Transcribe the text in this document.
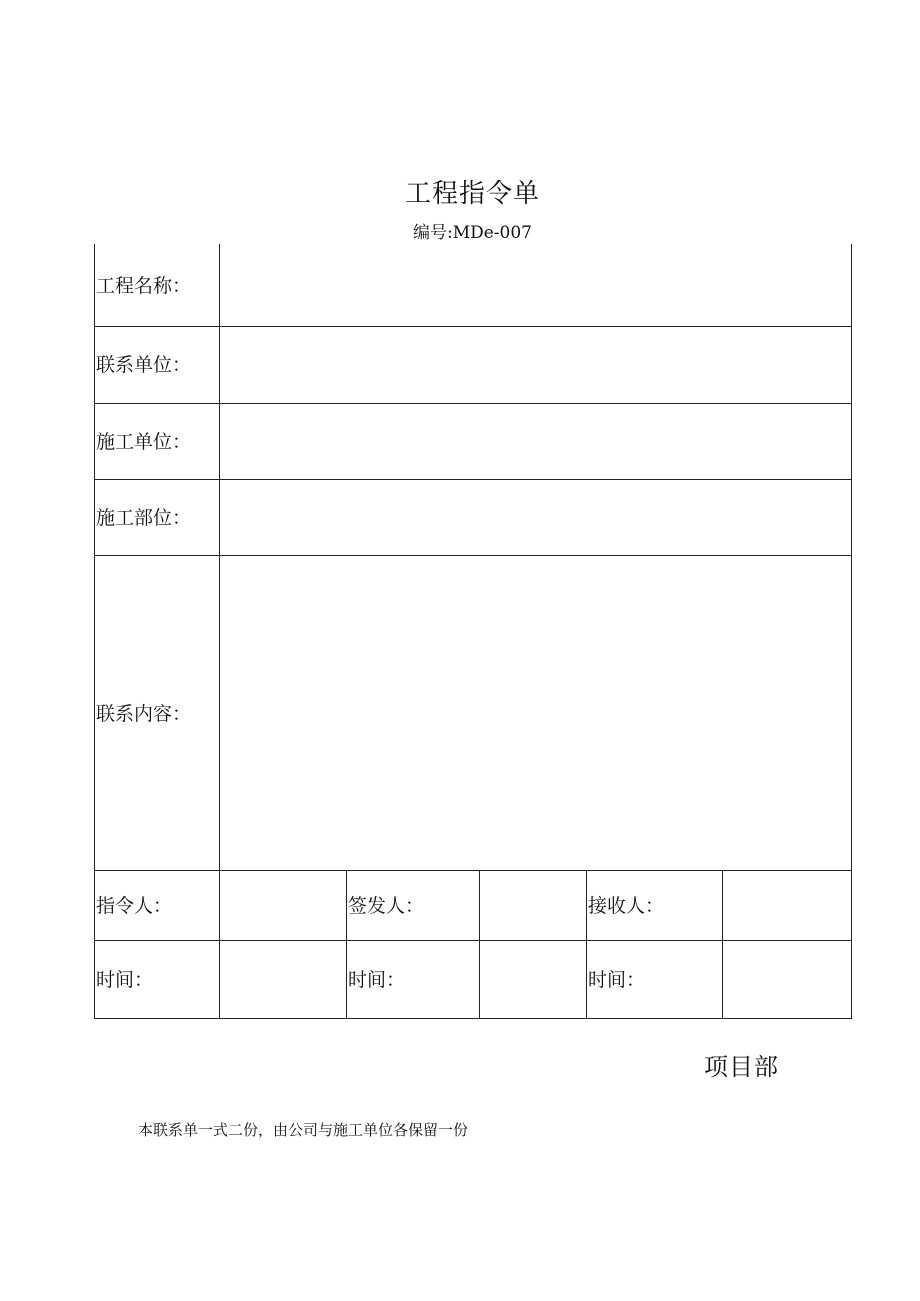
工程指令单
编号:MDe-007
工程名称：
联系单位：
施工单位：
施工部位：
联系内容：
指令人：	签发人：	接收人：
时间：	时间：	时间：
项目部
本联系单一式二份，由公司与施工单位各保留一份
